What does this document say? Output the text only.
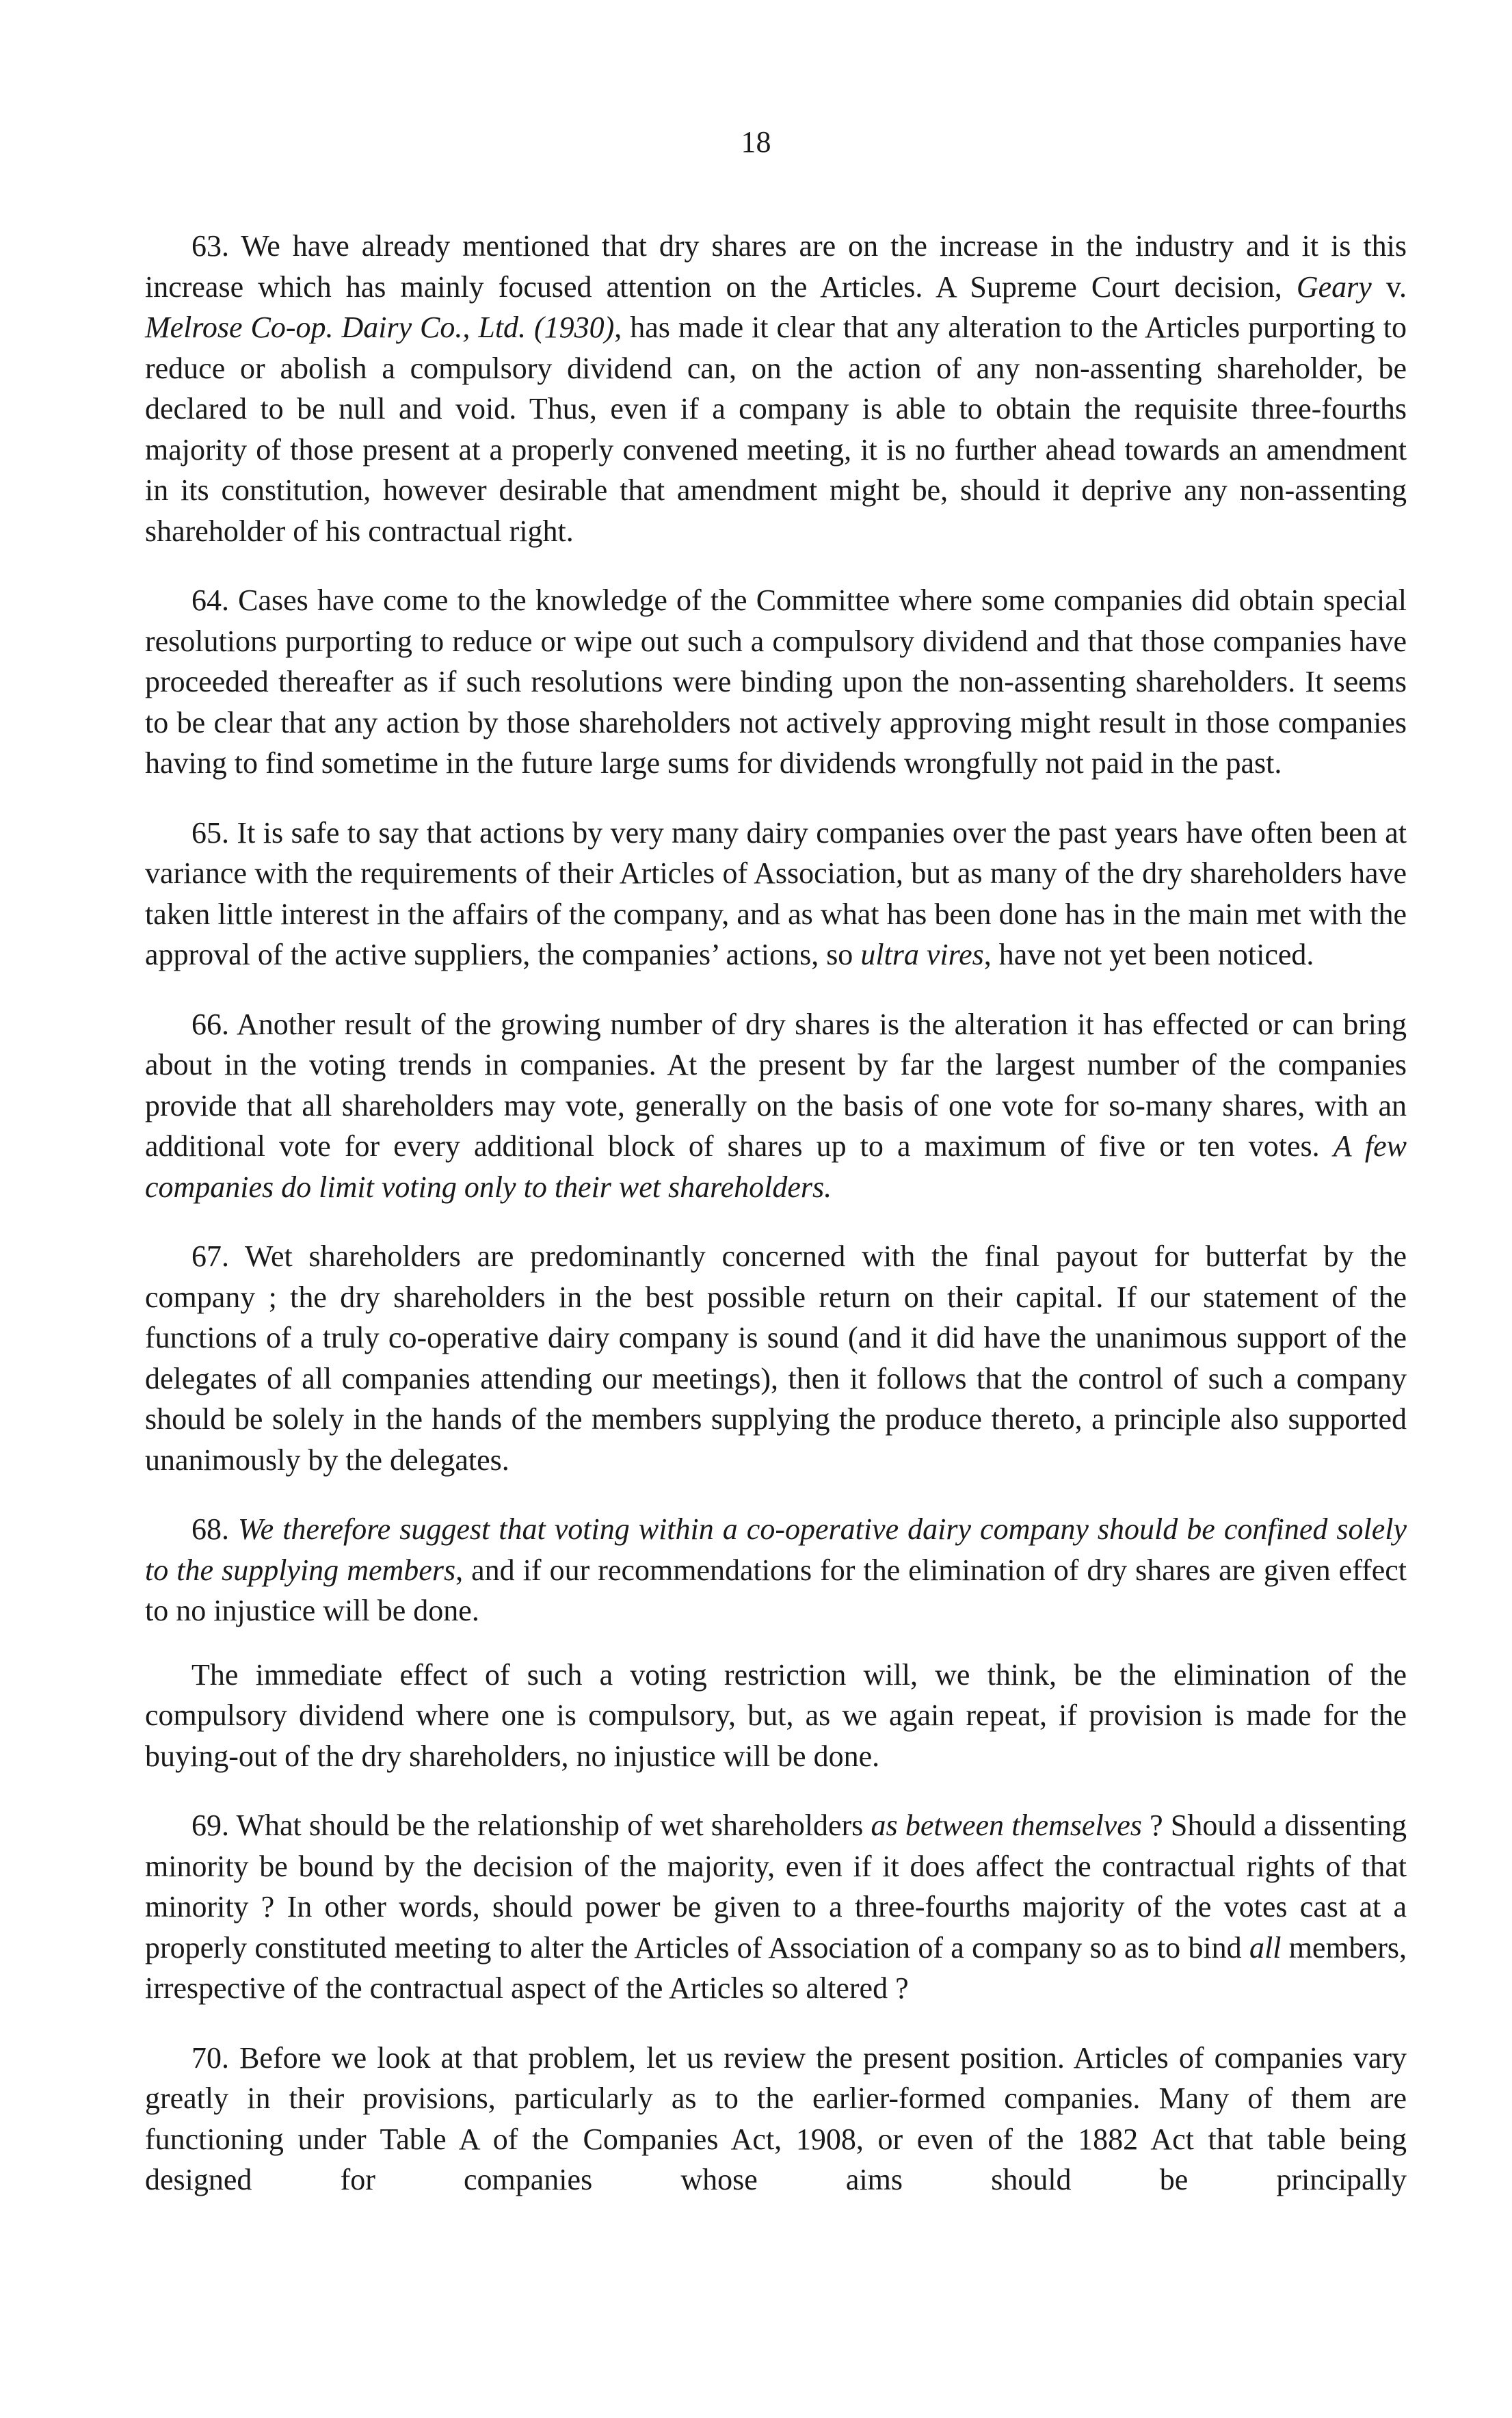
18

63. We have already mentioned that dry shares are on the increase in the industry and it is this increase which has mainly focused attention on the Articles. A Supreme Court decision, Geary v. Melrose Co-op. Dairy Co., Ltd. (1930), has made it clear that any alteration to the Articles purporting to reduce or abolish a compulsory dividend can, on the action of any non-assenting shareholder, be declared to be null and void. Thus, even if a company is able to obtain the requisite three-fourths majority of those present at a properly convened meeting, it is no further ahead towards an amendment in its constitution, however desirable that amendment might be, should it deprive any non-assenting shareholder of his contractual right.

64. Cases have come to the knowledge of the Committee where some companies did obtain special resolutions purporting to reduce or wipe out such a compulsory dividend and that those companies have proceeded thereafter as if such resolutions were binding upon the non-assenting shareholders. It seems to be clear that any action by those shareholders not actively approving might result in those companies having to find sometime in the future large sums for dividends wrongfully not paid in the past.

65. It is safe to say that actions by very many dairy companies over the past years have often been at variance with the requirements of their Articles of Association, but as many of the dry shareholders have taken little interest in the affairs of the company, and as what has been done has in the main met with the approval of the active suppliers, the companies’ actions, so ultra vires, have not yet been noticed.

66. Another result of the growing number of dry shares is the alteration it has effected or can bring about in the voting trends in companies. At the present by far the largest number of the companies provide that all shareholders may vote, generally on the basis of one vote for so-many shares, with an additional vote for every additional block of shares up to a maximum of five or ten votes. A few companies do limit voting only to their wet shareholders.

67. Wet shareholders are predominantly concerned with the final payout for butterfat by the company ; the dry shareholders in the best possible return on their capital. If our statement of the functions of a truly co-operative dairy company is sound (and it did have the unanimous support of the delegates of all companies attending our meetings), then it follows that the control of such a company should be solely in the hands of the members supplying the produce thereto, a principle also supported unanimously by the delegates.

68. We therefore suggest that voting within a co-operative dairy company should be confined solely to the supplying members, and if our recommendations for the elimination of dry shares are given effect to no injustice will be done.

The immediate effect of such a voting restriction will, we think, be the elimination of the compulsory dividend where one is compulsory, but, as we again repeat, if provision is made for the buying-out of the dry shareholders, no injustice will be done.

69. What should be the relationship of wet shareholders as between themselves ? Should a dissenting minority be bound by the decision of the majority, even if it does affect the contractual rights of that minority ? In other words, should power be given to a three-fourths majority of the votes cast at a properly constituted meeting to alter the Articles of Association of a company so as to bind all members, irrespective of the contractual aspect of the Articles so altered ?

70. Before we look at that problem, let us review the present position. Articles of companies vary greatly in their provisions, particularly as to the earlier-formed companies. Many of them are functioning under Table A of the Companies Act, 1908, or even of the 1882 Act that table being designed for companies whose aims should be principally
